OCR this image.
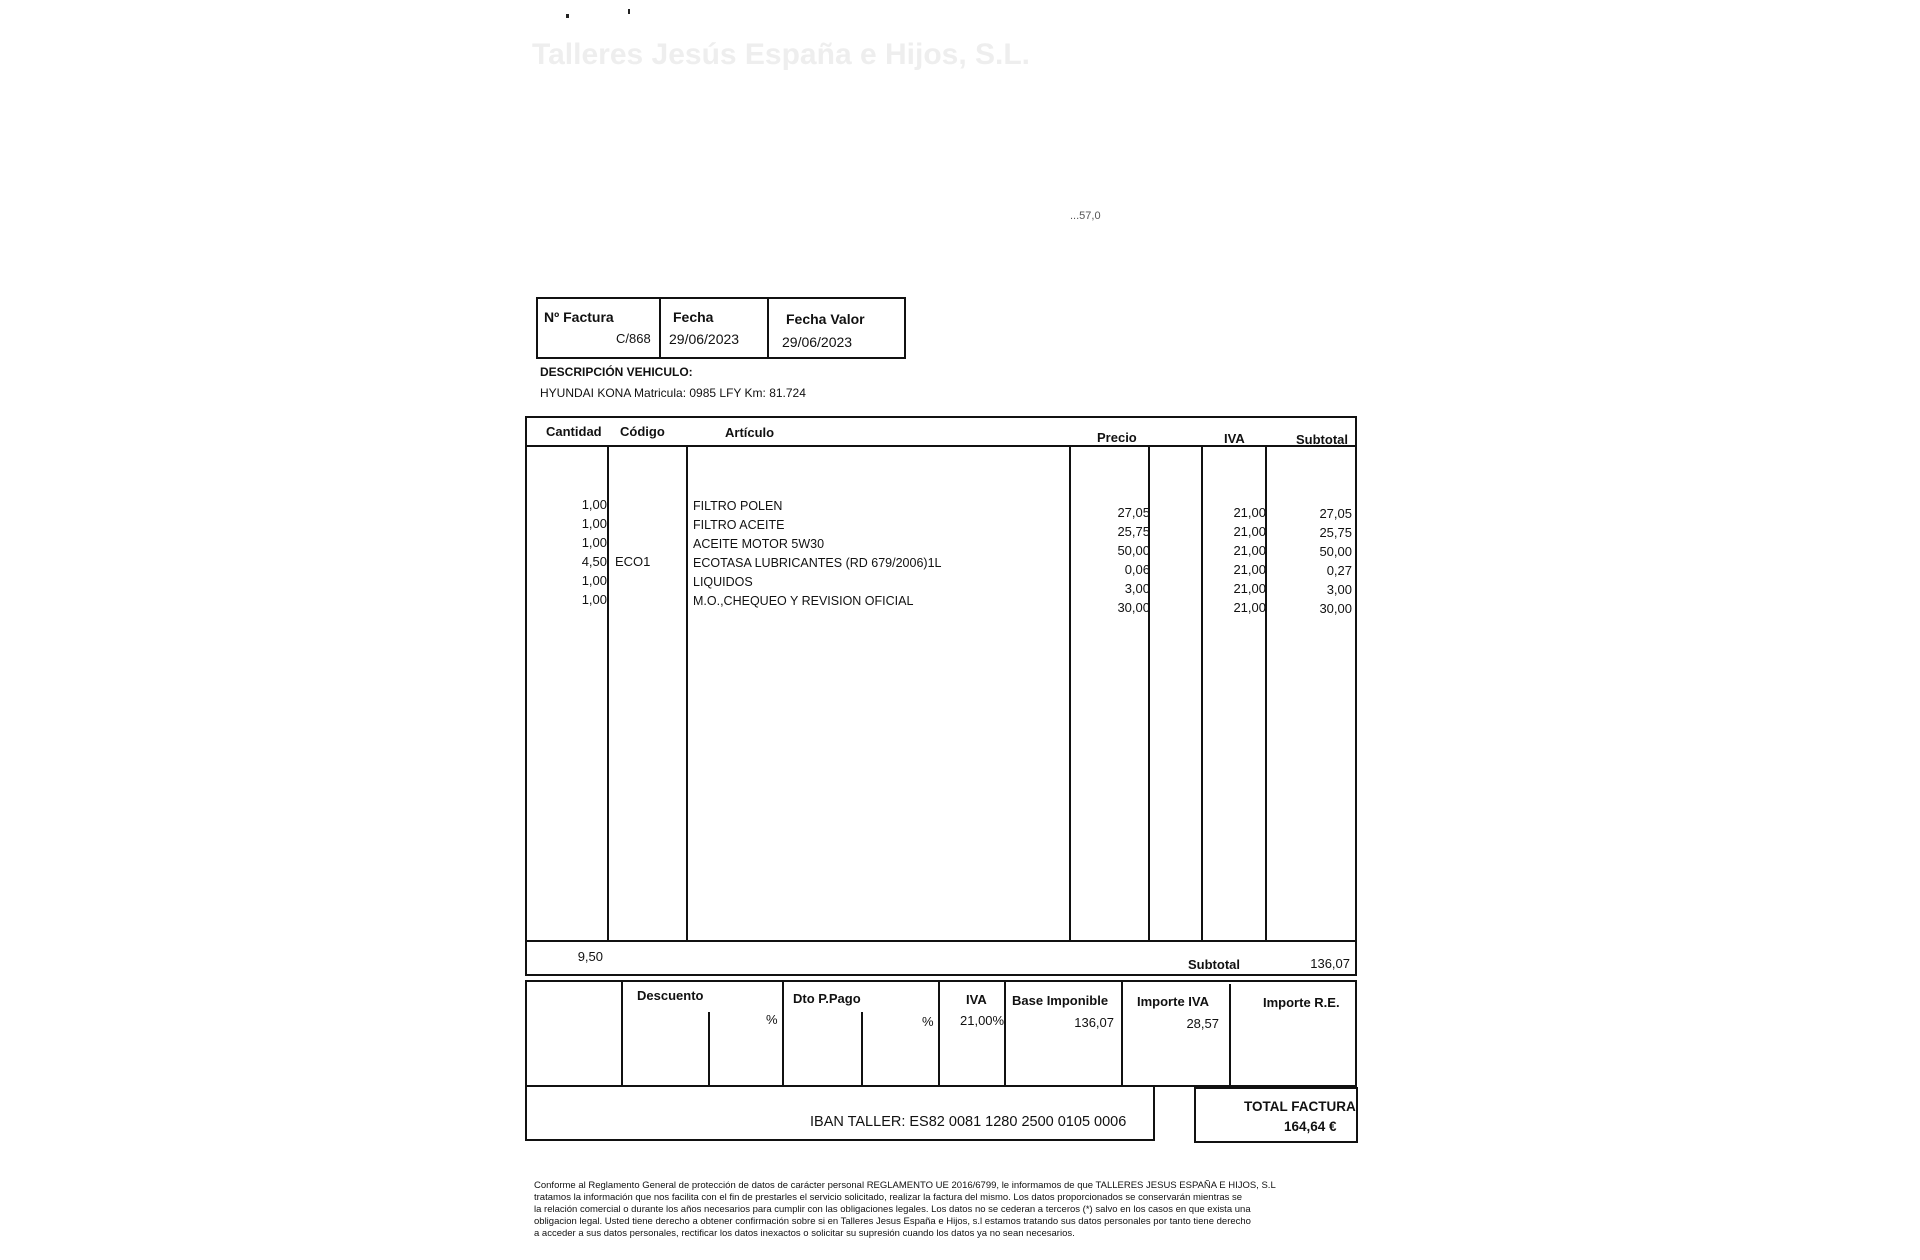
Talleres Jesús España e Hijos, S.L.
...57,0
Nº Factura
C/868
Fecha
29/06/2023
Fecha Valor
29/06/2023
DESCRIPCIÓN VEHICULO:
HYUNDAI KONA Matricula: 0985 LFY Km: 81.724
Cantidad Código	Artículo	Precio	IVA	Subtotal
1,00	FILTRO POLEN	27,05	21,00	27,05
1,00	FILTRO ACEITE	25,75	21,00	25,75
1,00	ACEITE MOTOR 5W30	50,00	21,00	50,00
4,50 ECO1	ECOTASA LUBRICANTES (RD 679/2006)1L	0,06	21,00	0,27
1,00	LIQUIDOS	3,00	21,00	3,00
1,00	M.O.,CHEQUEO Y REVISION OFICIAL	30,00	21,00	30,00
9,50
Subtotal	136,07
Descuento
%
Dto P.Pago
%
IVA
21,00%
Base Imponible
136,07
Importe IVA
28,57
Importe R.E.
IBAN TALLER: ES82 0081 1280 2500 0105 0006
TOTAL FACTURA
164,64 €
Conforme al Reglamento General de protección de datos de carácter personal REGLAMENTO UE 2016/6799, le informamos de que TALLERES JESUS ESPAÑA E HIJOS, S.L
tratamos la información que nos facilita con el fin de prestarles el servicio solicitado, realizar la factura del mismo. Los datos proporcionados se conservarán mientras se
la relación comercial o durante los años necesarios para cumplir con las obligaciones legales. Los datos no se cederan a terceros (*) salvo en los casos en que exista una
obligacion legal. Usted tiene derecho a obtener confirmación sobre si en Talleres Jesus España e Hijos, s.l estamos tratando sus datos personales por tanto tiene derecho
a acceder a sus datos personales, rectificar los datos inexactos o solicitar su supresión cuando los datos ya no sean necesarios.
